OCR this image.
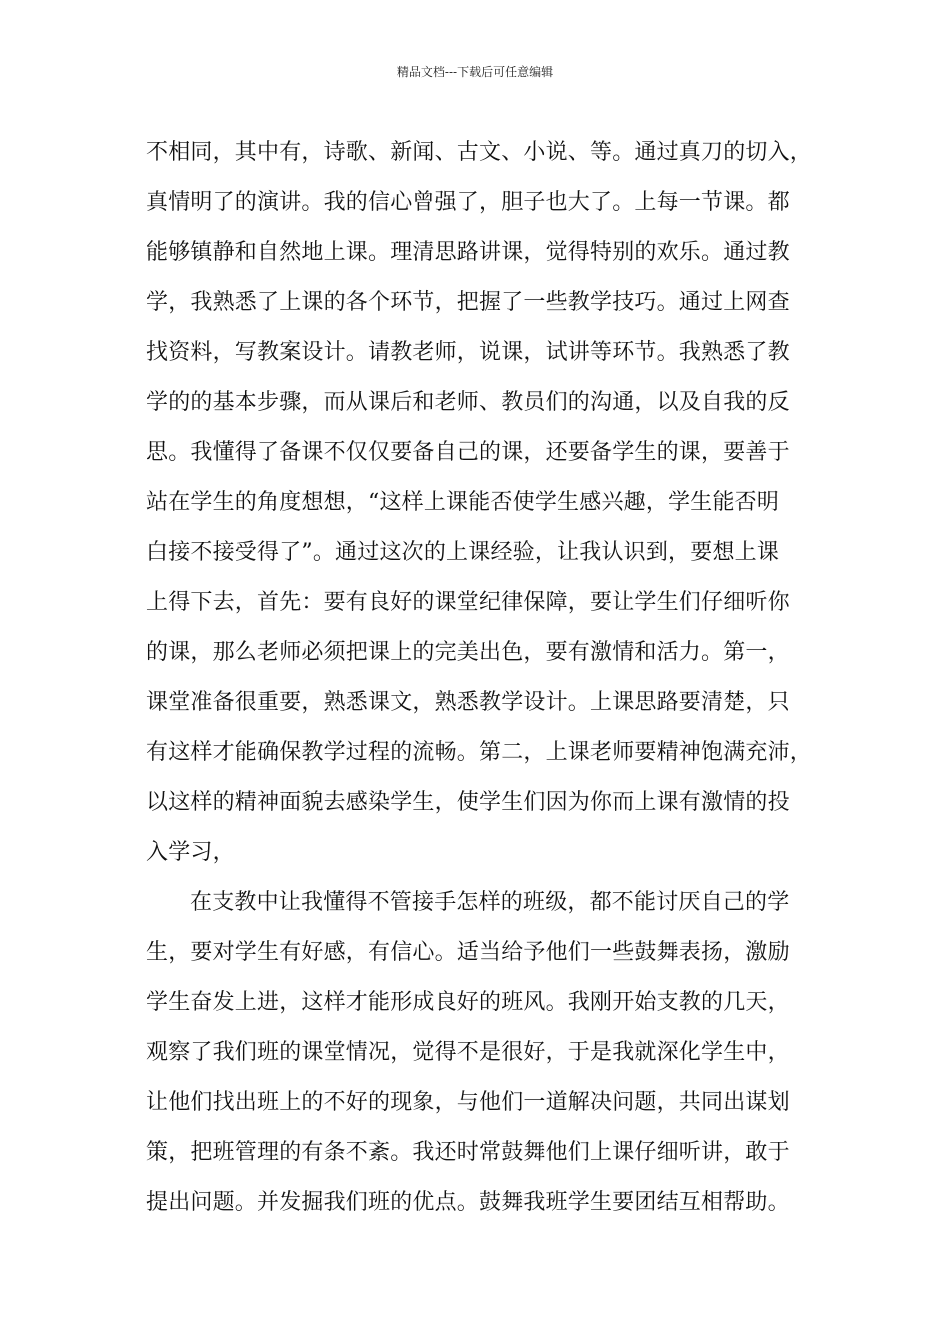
精品文档---下载后可任意编辑
不相同，其中有，诗歌、新闻、古文、小说、等。通过真刀的切入，
真情明了的演讲。我的信心曾强了，胆子也大了。上每一节课。都
能够镇静和自然地上课。理清思路讲课，觉得特别的欢乐。通过教
学，我熟悉了上课的各个环节，把握了一些教学技巧。通过上网查
找资料，写教案设计。请教老师，说课，试讲等环节。我熟悉了教
学的的基本步骤，而从课后和老师、教员们的沟通，以及自我的反
思。我懂得了备课不仅仅要备自己的课，还要备学生的课，要善于
站在学生的角度想想，“这样上课能否使学生感兴趣，学生能否明
白接不接受得了”。通过这次的上课经验，让我认识到，要想上课
上得下去，首先：要有良好的课堂纪律保障，要让学生们仔细听你
的课，那么老师必须把课上的完美出色，要有激情和活力。第一，
课堂准备很重要，熟悉课文，熟悉教学设计。上课思路要清楚，只
有这样才能确保教学过程的流畅。第二，上课老师要精神饱满充沛，
以这样的精神面貌去感染学生，使学生们因为你而上课有激情的投
入学习，
在支教中让我懂得不管接手怎样的班级，都不能讨厌自己的学
生，要对学生有好感，有信心。适当给予他们一些鼓舞表扬，激励
学生奋发上进，这样才能形成良好的班风。我刚开始支教的几天，
观察了我们班的课堂情况，觉得不是很好，于是我就深化学生中，
让他们找出班上的不好的现象，与他们一道解决问题，共同出谋划
策，把班管理的有条不紊。我还时常鼓舞他们上课仔细听讲，敢于
提出问题。并发掘我们班的优点。鼓舞我班学生要团结互相帮助。
